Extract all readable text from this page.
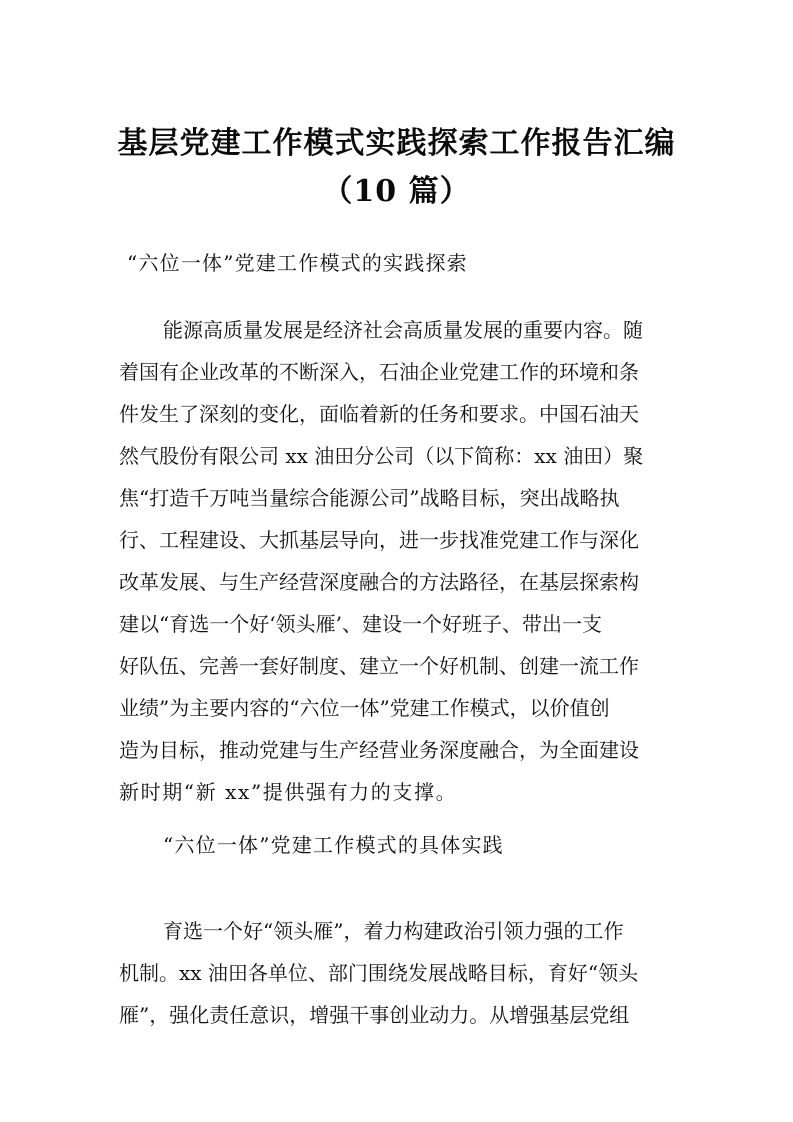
基层党建工作模式实践探索工作报告汇编
（10 篇）
“六位一体”党建工作模式的实践探索
能源高质量发展是经济社会高质量发展的重要内容。随
着国有企业改革的不断深入，石油企业党建工作的环境和条
件发生了深刻的变化，面临着新的任务和要求。中国石油天
然气股份有限公司 xx 油田分公司（以下简称：xx 油田）聚
焦“打造千万吨当量综合能源公司”战略目标，突出战略执
行、工程建设、大抓基层导向，进一步找准党建工作与深化
改革发展、与生产经营深度融合的方法路径，在基层探索构
建以“育选一个好‘领头雁’、建设一个好班子、带出一支
好队伍、完善一套好制度、建立一个好机制、创建一流工作
业绩”为主要内容的“六位一体”党建工作模式，以价值创
造为目标，推动党建与生产经营业务深度融合，为全面建设
新时期“新 xx”提供强有力的支撑。
“六位一体”党建工作模式的具体实践
育选一个好“领头雁”，着力构建政治引领力强的工作
机制。xx 油田各单位、部门围绕发展战略目标，育好“领头
雁”，强化责任意识，增强干事创业动力。从增强基层党组
